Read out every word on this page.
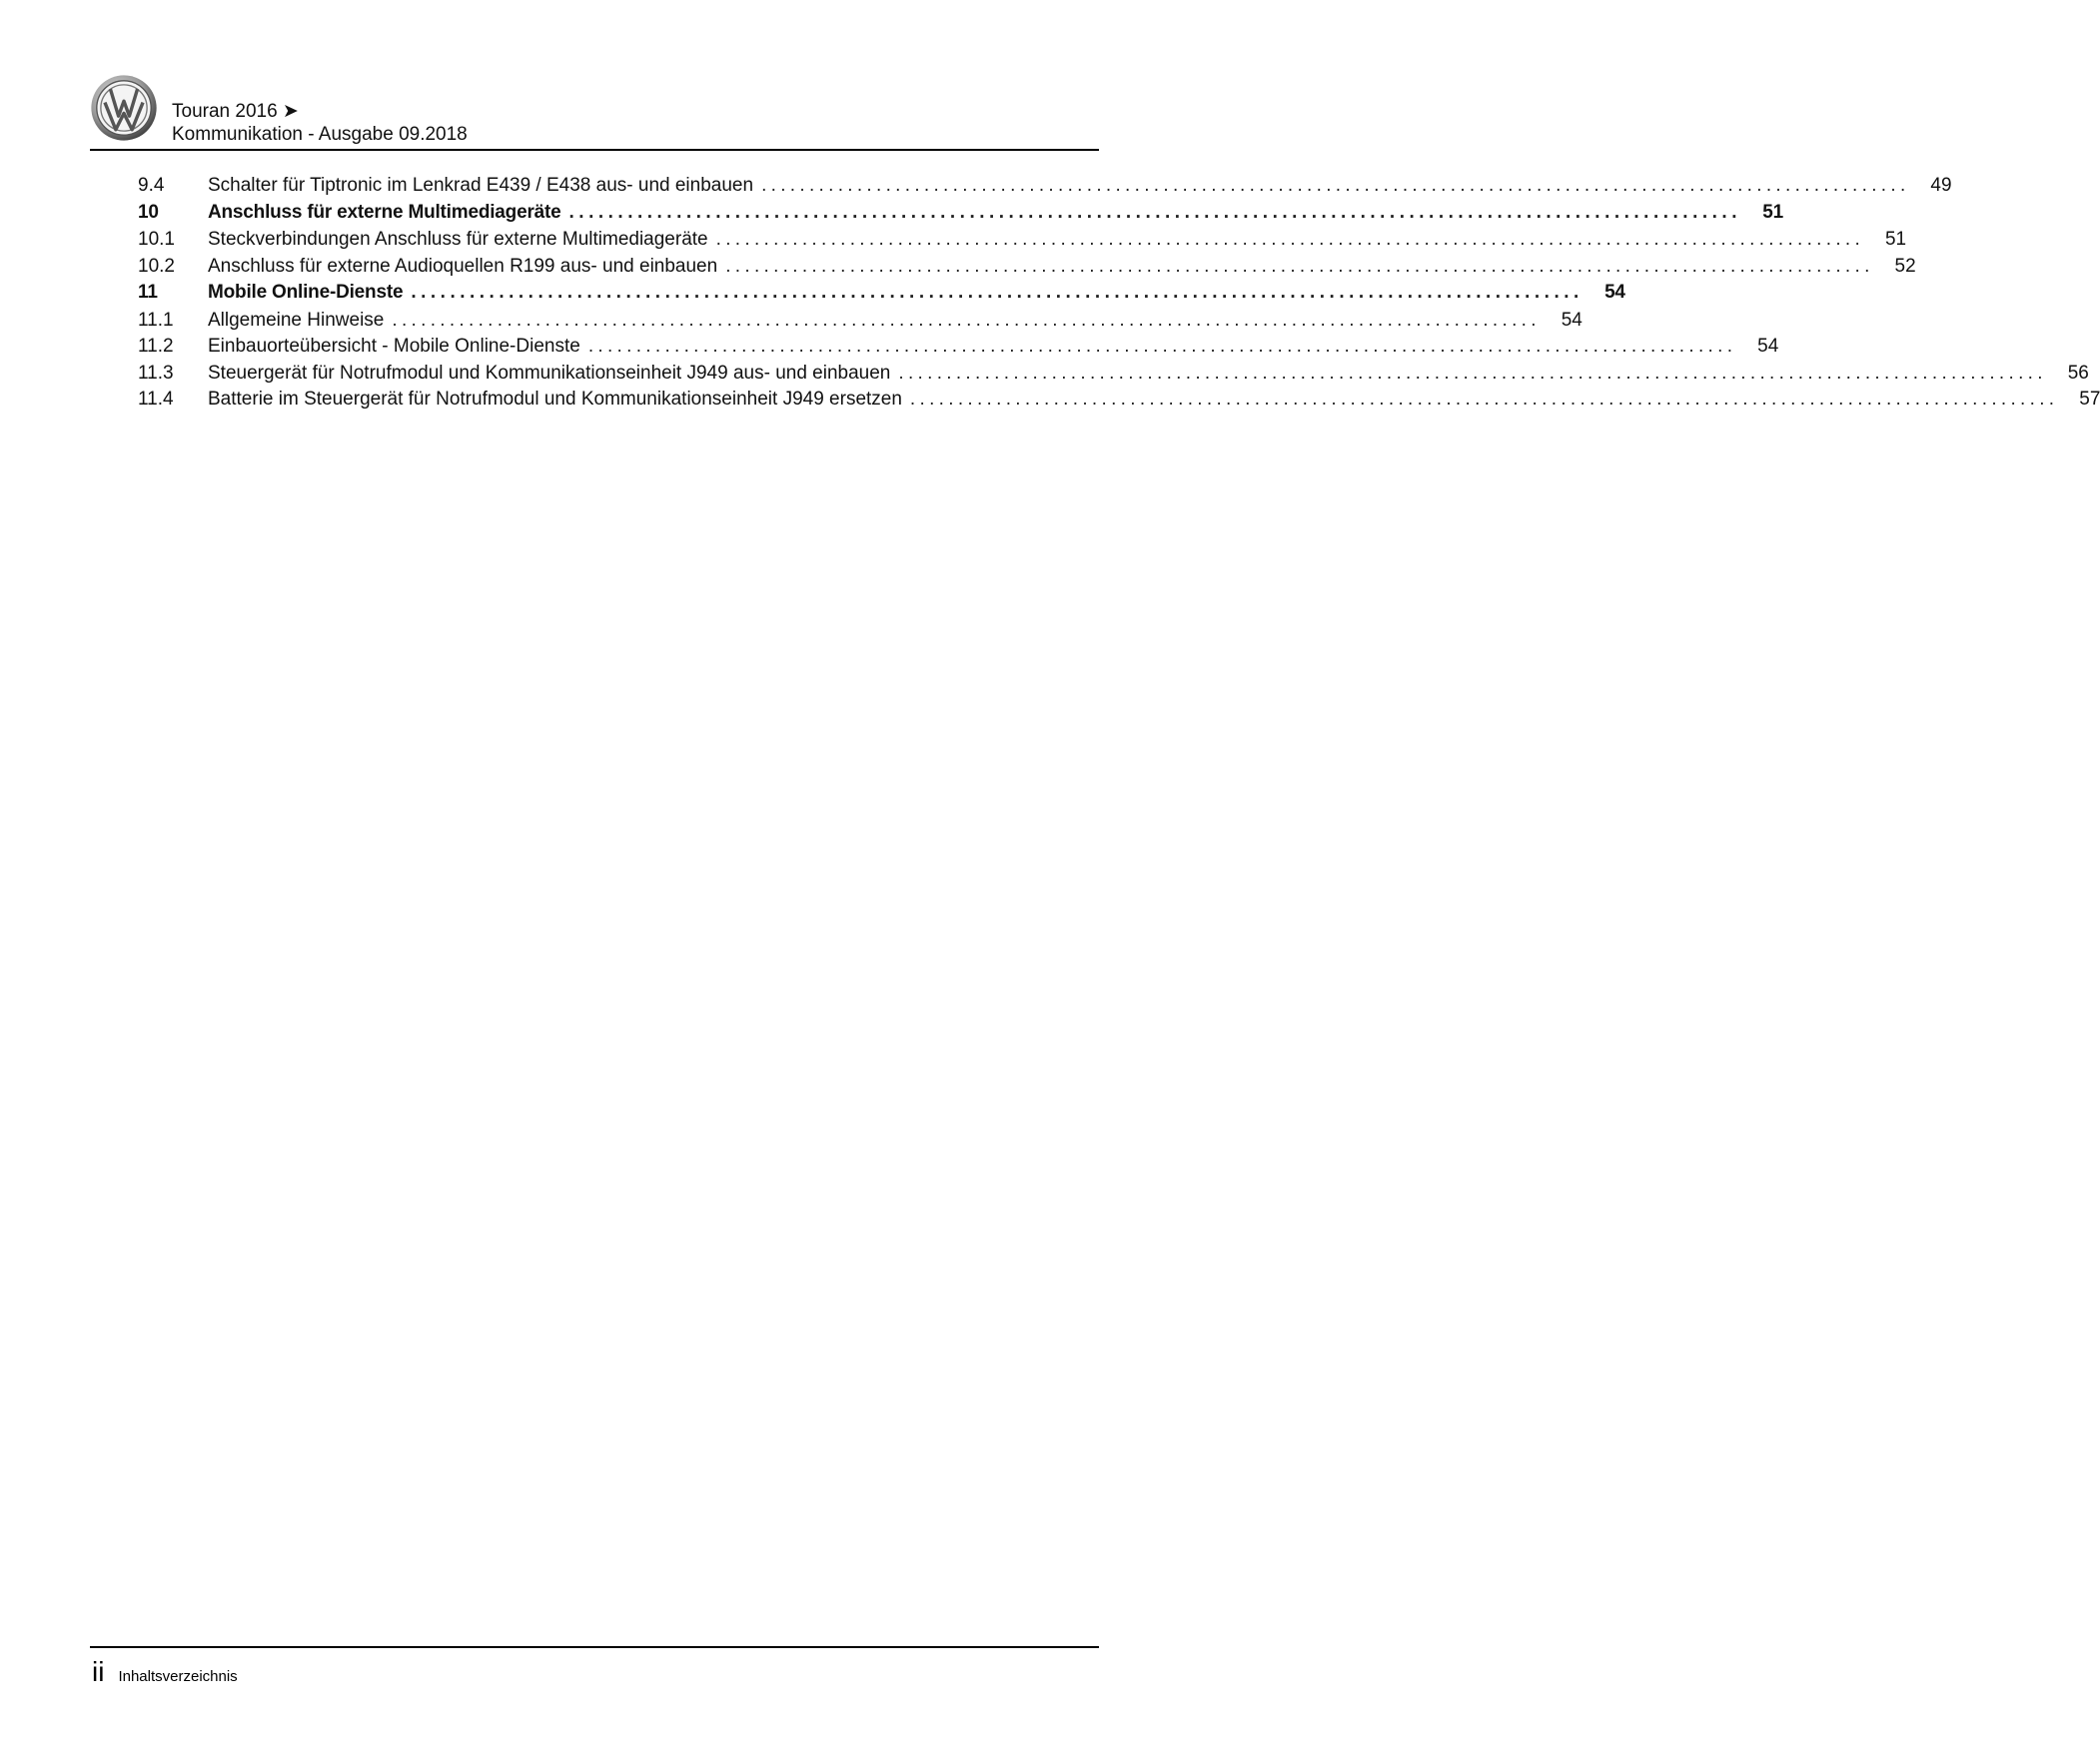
Touran 2016 ➤
Kommunikation - Ausgabe 09.2018
9.4	Schalter für Tiptronic im Lenkrad E439 / E438 aus- und einbauen ........................................................................................................................	49
10	Anschluss für externe Multimediageräte ........................................................................................................................	51
10.1	Steckverbindungen Anschluss für externe Multimediageräte ........................................................................................................................	51
10.2	Anschluss für externe Audioquellen R199 aus- und einbauen ........................................................................................................................	52
11	Mobile Online-Dienste ........................................................................................................................	54
11.1	Allgemeine Hinweise ........................................................................................................................	54
11.2	Einbauorteübersicht - Mobile Online-Dienste ........................................................................................................................	54
11.3	Steuergerät für Notrufmodul und Kommunikationseinheit J949 aus- und einbauen ........................................................................................................................	56
11.4	Batterie im Steuergerät für Notrufmodul und Kommunikationseinheit J949 ersetzen ........................................................................................................................	57
ii Inhaltsverzeichnis
